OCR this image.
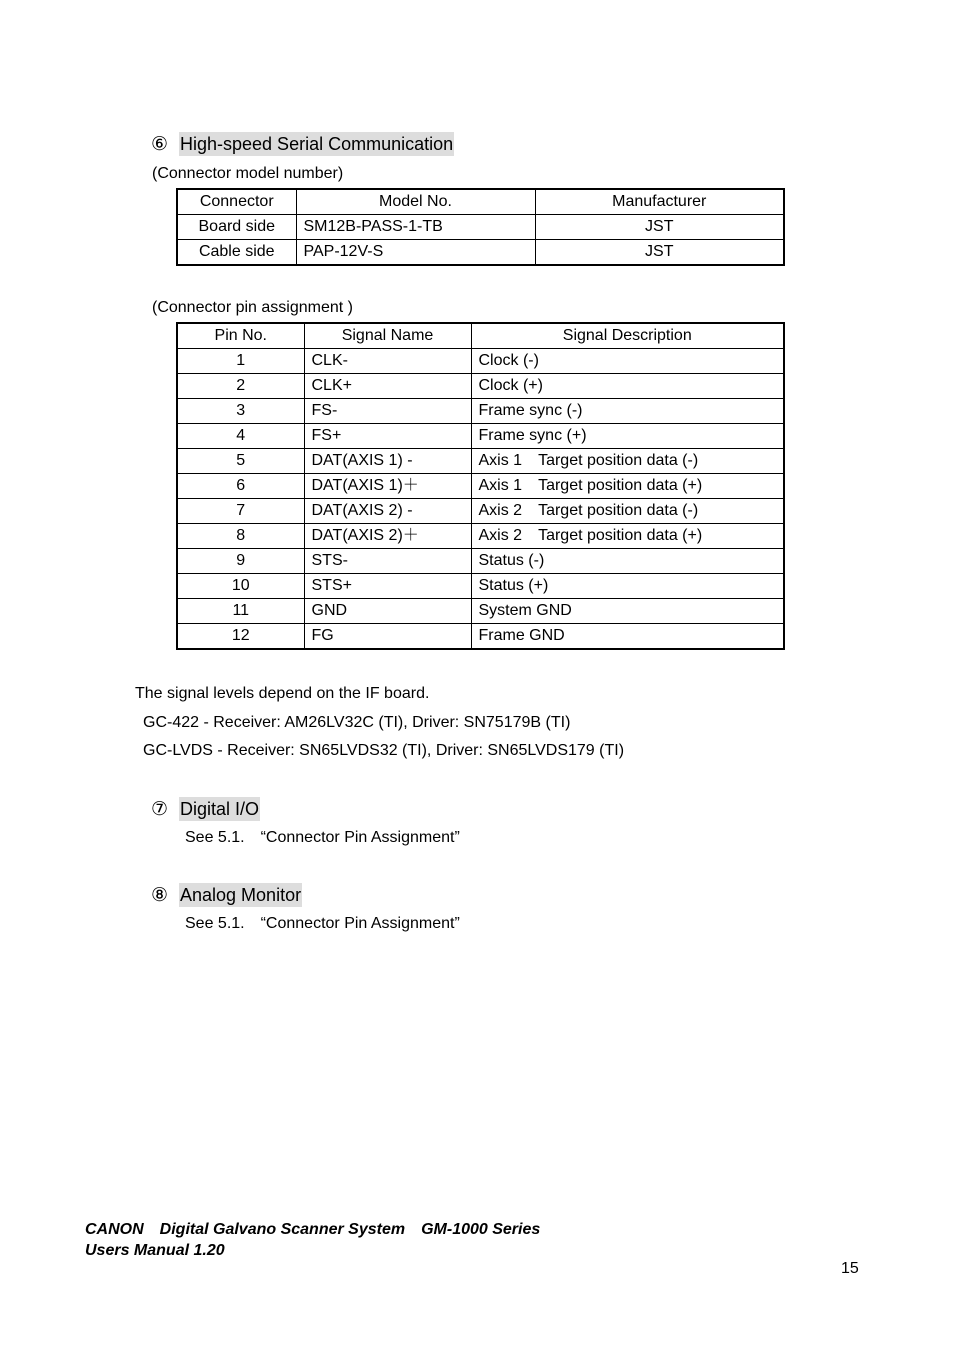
⑥ High-speed Serial Communication
(Connector model number)
Connector	Model No.	Manufacturer
Board side	SM12B-PASS-1-TB	JST
Cable side	PAP-12V-S	JST
(Connector pin assignment )
Pin No.	Signal Name	Signal Description
1	CLK-	Clock (-)
2	CLK+	Clock (+)
3	FS-	Frame sync (-)
4	FS+	Frame sync (+)
5	DAT(AXIS 1) -	Axis 1　Target position data (-)
6	DAT(AXIS 1)＋	Axis 1　Target position data (+)
7	DAT(AXIS 2) -	Axis 2　Target position data (-)
8	DAT(AXIS 2)＋	Axis 2　Target position data (+)
9	STS-	Status (-)
10	STS+	Status (+)
11	GND	System GND
12	FG	Frame GND
The signal levels depend on the IF board.
GC-422 - Receiver: AM26LV32C (TI), Driver: SN75179B (TI)
GC-LVDS - Receiver: SN65LVDS32 (TI), Driver: SN65LVDS179 (TI)
⑦ Digital I/O
See 5.1.　“Connector Pin Assignment”
⑧ Analog Monitor
See 5.1.　“Connector Pin Assignment”
CANON　Digital Galvano Scanner System　GM-1000 Series
Users Manual 1.20
15
